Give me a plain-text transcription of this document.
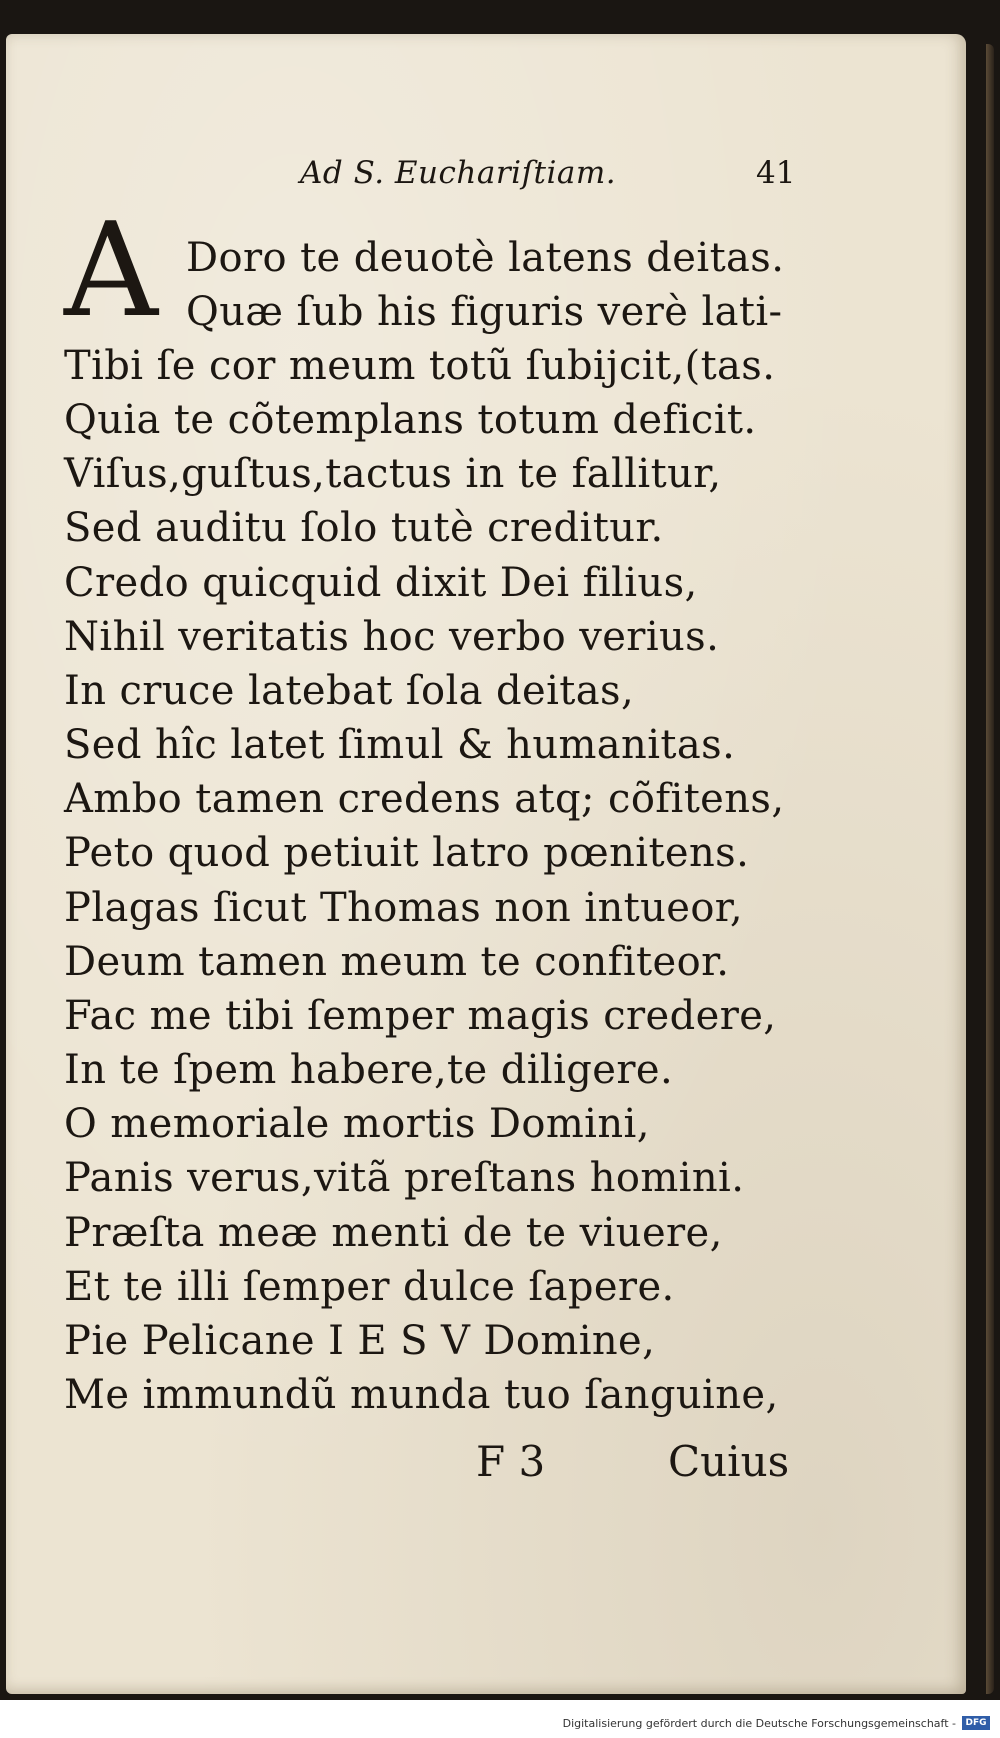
Ad S. Euchariſtiam.	41
A Doro te deuotè latens deitas.
Quæ ſub his figuris verè lati-
Tibi ſe cor meum totũ ſubijcit,(tas.
Quia te cõtemplans totum deficit.
Viſus,guſtus,tactus in te fallitur,
Sed auditu ſolo tutè creditur.
Credo quicquid dixit Dei filius,
Nihil veritatis hoc verbo verius.
In cruce latebat ſola deitas,
Sed hîc latet ſimul & humanitas.
Ambo tamen credens atq; cõfitens,
Peto quod petiuit latro pœnitens.
Plagas ſicut Thomas non intueor,
Deum tamen meum te confiteor.
Fac me tibi ſemper magis credere,
In te ſpem habere,te diligere.
O memoriale mortis Domini,
Panis verus,vitã preſtans homini.
Præſta meæ menti de te viuere,
Et te illi ſemper dulce ſapere.
Pie Pelicane I E S V Domine,
Me immundũ munda tuo ſanguine,
F 3	Cuius
Digitalisierung gefördert durch die Deutsche Forschungsgemeinschaft -	DFG
